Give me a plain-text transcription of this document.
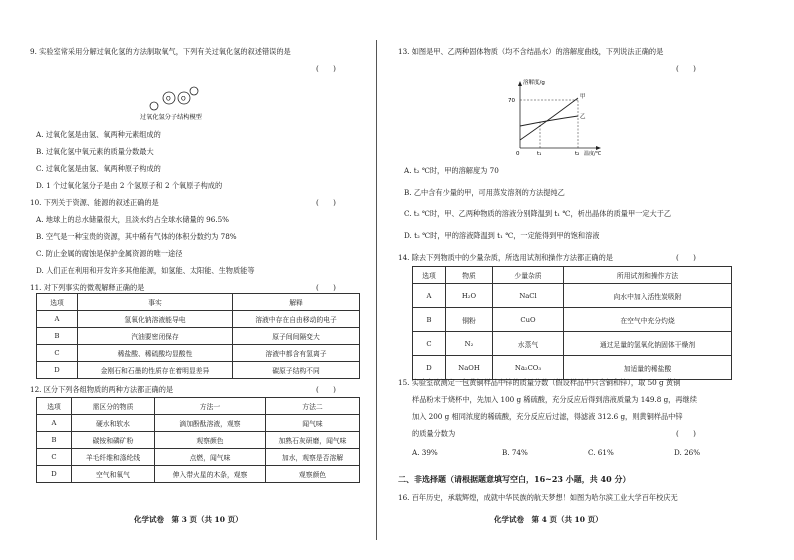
9. 实验室常采用分解过氧化氢的方法制取氧气，下列有关过氧化氢的叙述错误的是
(　　)
O O
过氧化氢分子结构模型
A. 过氧化氢是由氢、氧两种元素组成的
B. 过氧化氢中氧元素的质量分数最大
C. 过氧化氢是由氢、氧两种原子构成的
D. 1 个过氧化氢分子是由 2 个氢原子和 2 个氧原子构成的
10. 下列关于资源、能源的叙述正确的是	(　　)
A. 地球上的总水储量很大，且淡水约占全球水储量的 96.5%
B. 空气是一种宝贵的资源，其中稀有气体的体积分数约为 78%
C. 防止金属的腐蚀是保护金属资源的唯一途径
D. 人们正在利用和开发许多其他能源，如氢能、太阳能、生物质能等
11. 对下列事实的微观解释正确的是	(　　)
选项	事实	解释
A	氢氧化钠溶液能导电	溶液中存在自由移动的电子
B	汽油要密闭保存	原子间间隔变大
C	稀盐酸、稀硫酸均显酸性	溶液中都含有氢离子
D	金刚石和石墨的性质存在着明显差异	碳原子结构不同
12. 区分下列各组物质的两种方法都正确的是	(　　)
选项	需区分的物质	方法一	方法二
A	硬水和软水	滴加酚酞溶液，观察	闻气味
B	碳铵和磷矿粉	观察颜色	加熟石灰研磨，闻气味
C	羊毛纤维和涤纶线	点燃，闻气味	加水，观察是否溶解
D	空气和氧气	伸入带火星的木条，观察	观察颜色
化学试卷　第 3 页（共 10 页）
13. 如图是甲、乙两种固体物质（均不含结晶水）的溶解度曲线，下列说法正确的是
(　　)
溶解度/g
甲
乙
70
0	t₁	t₂ 温度/℃
A. t₂ ℃时，甲的溶解度为 70
B. 乙中含有少量的甲，可用蒸发溶剂的方法提纯乙
C. t₂ ℃时，甲、乙两种物质的溶液分别降温到 t₁ ℃，析出晶体的质量甲一定大于乙
D. t₂ ℃时，甲的溶液降温到 t₁ ℃，一定能得到甲的饱和溶液
14. 除去下列物质中的少量杂质，所选用试剂和操作方法都正确的是	(　　)
选项	物质	少量杂质	所用试剂和操作方法
A	H₂O	NaCl	向水中加入活性炭吸附
B	铜粉	CuO	在空气中充分灼烧
C	N₂	水蒸气	通过足量的氢氧化钠固体干燥剂
D	NaOH	Na₂CO₃	加适量的稀盐酸
15. 实验室欲测定一包黄铜样品中锌的质量分数（假设样品中只含铜和锌），取 50 g 黄铜
样品粉末于烧杯中，先加入 100 g 稀硫酸，充分反应后得到溶液质量为 149.8 g，再继续
加入 200 g 相同浓度的稀硫酸，充分反应后过滤，得滤液 312.6 g，则黄铜样品中锌
的质量分数为	(　　)
A. 39%	B. 74%	C. 61%	D. 26%
二、非选择题（请根据题意填写空白，16~23 小题，共 40 分）
16. 百年历史，承载辉煌，成就中华民族的航天梦想！如图为哈尔滨工业大学百年校庆无
化学试卷　第 4 页（共 10 页）
